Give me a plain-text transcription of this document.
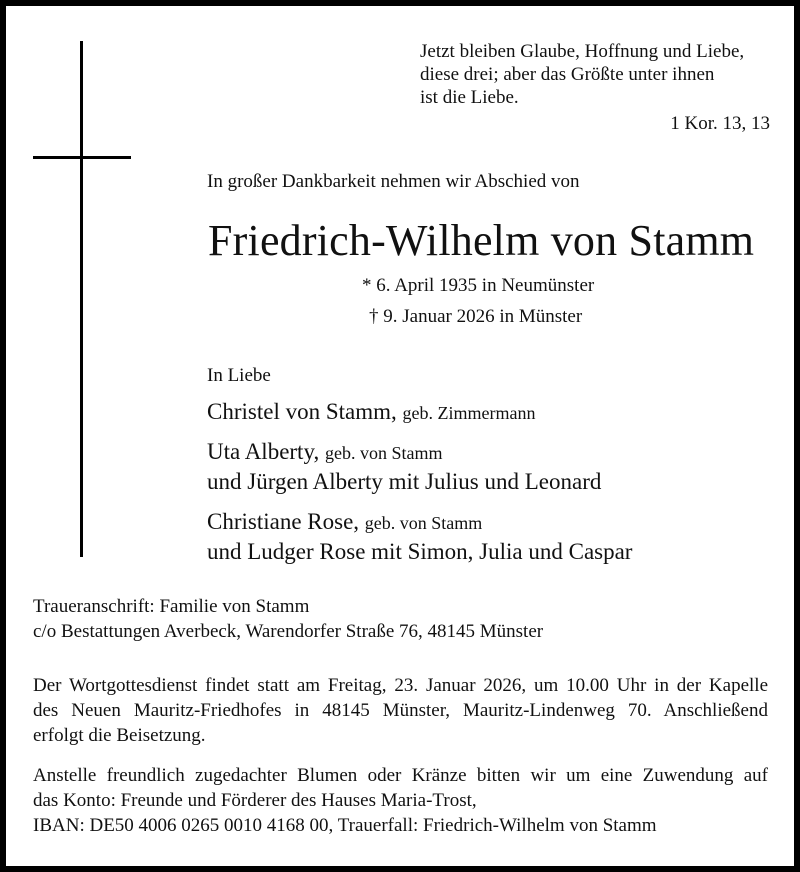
Jetzt bleiben Glaube, Hoffnung und Liebe,
diese drei; aber das Größte unter ihnen
ist die Liebe.
1 Kor. 13, 13
In großer Dankbarkeit nehmen wir Abschied von
Friedrich-Wilhelm von Stamm
* 6. April 1935 in Neumünster
† 9. Januar 2026 in Münster
In Liebe
Christel von Stamm, geb. Zimmermann
Uta Alberty, geb. von Stamm
und Jürgen Alberty mit Julius und Leonard
Christiane Rose, geb. von Stamm
und Ludger Rose mit Simon, Julia und Caspar
Traueranschrift: Familie von Stamm
c/o Bestattungen Averbeck, Warendorfer Straße 76, 48145 Münster
Der Wortgottesdienst findet statt am Freitag, 23. Januar 2026, um 10.00 Uhr in der Kapelle
des Neuen Mauritz-Friedhofes in 48145 Münster, Mauritz-Lindenweg 70. Anschließend
erfolgt die Beisetzung.
Anstelle freundlich zugedachter Blumen oder Kränze bitten wir um eine Zuwendung auf
das Konto: Freunde und Förderer des Hauses Maria-Trost,
IBAN: DE50 4006 0265 0010 4168 00, Trauerfall: Friedrich-Wilhelm von Stamm
